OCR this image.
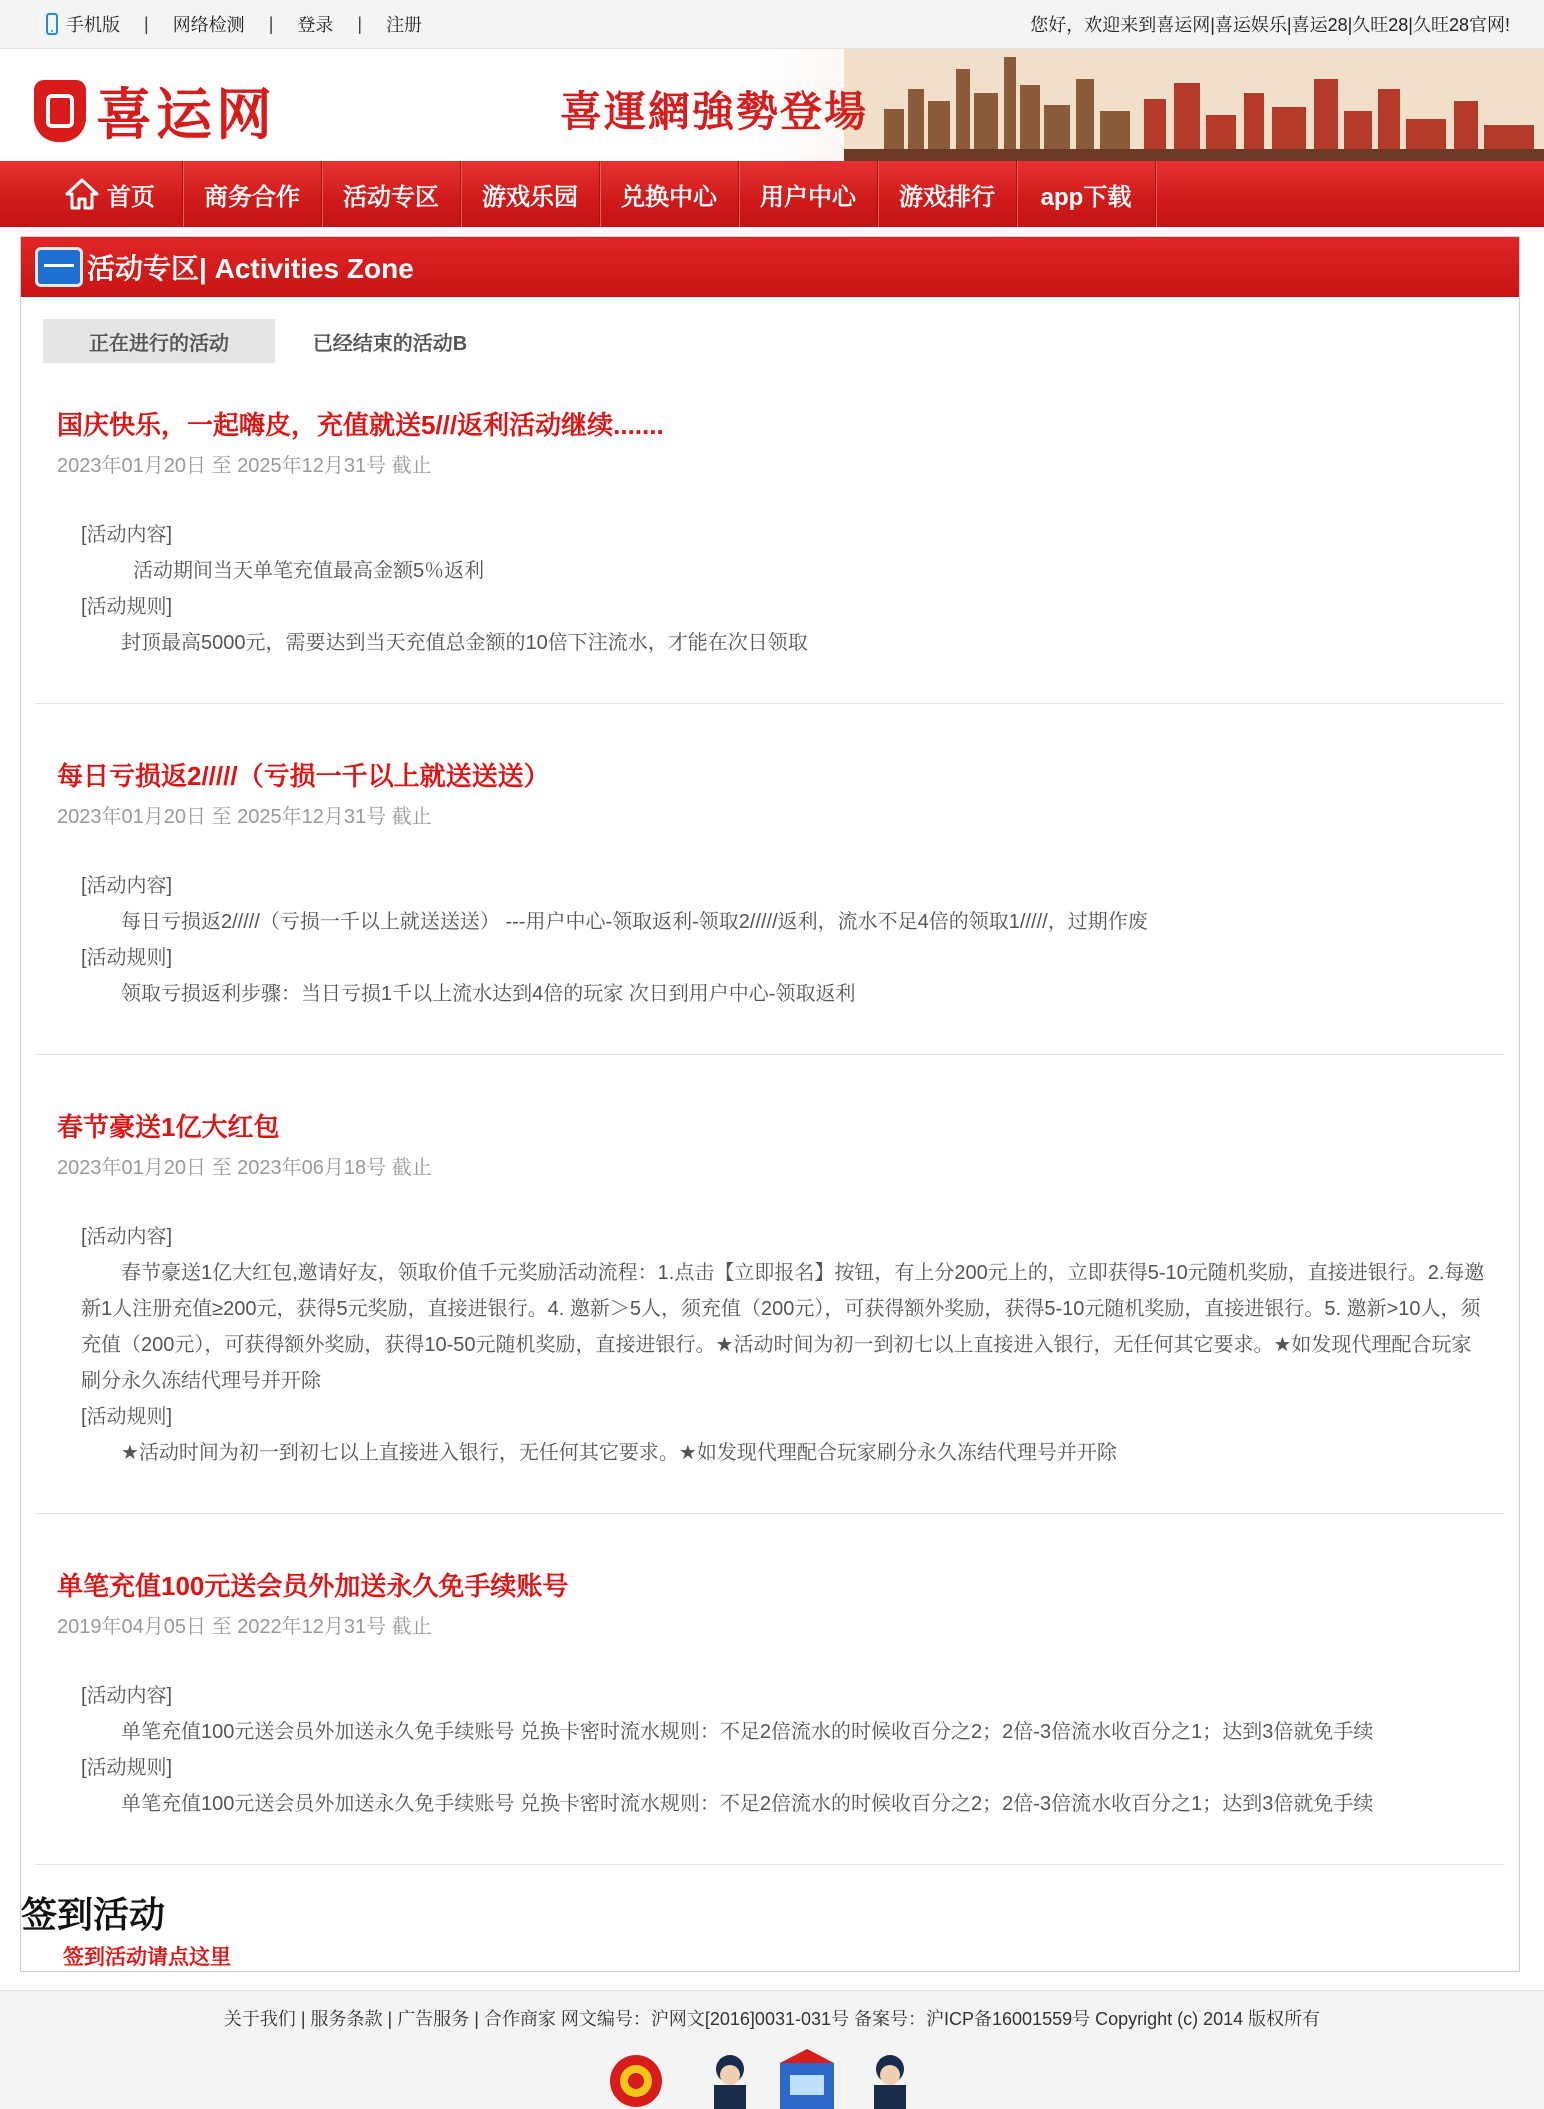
手机版 | 网络检测 | 登录 | 注册	您好，欢迎来到喜运网|喜运娱乐|喜运28|久旺28|久旺28官网!
喜运网	喜運網強勢登場
首页	商务合作	活动专区	游戏乐园	兑换中心	用户中心	游戏排行	app下载
活动专区| Activities Zone
正在进行的活动	已经结束的活动B
国庆快乐，一起嗨皮，充值就送5///返利活动继续.......
2023年01月20日 至 2025年12月31号 截止
[活动内容]
活动期间当天单笔充值最高金额5％返利
[活动规则]
封顶最高5000元，需要达到当天充值总金额的10倍下注流水，才能在次日领取
每日亏损返2/////（亏损一千以上就送送送）
2023年01月20日 至 2025年12月31号 截止
[活动内容]
每日亏损返2/////（亏损一千以上就送送送） ---用户中心-领取返利-领取2/////返利，流水不足4倍的领取1/////，过期作废
[活动规则]
领取亏损返利步骤：当日亏损1千以上流水达到4倍的玩家 次日到用户中心-领取返利
春节豪送1亿大红包
2023年01月20日 至 2023年06月18号 截止
[活动内容]
春节豪送1亿大红包,邀请好友，领取价值千元奖励活动流程：1.点击【立即报名】按钮，有上分200元上的，立即获得5-10元随机奖励，直接进银行。2.每邀新1人注册充值≥200元，获得5元奖励，直接进银行。4. 邀新＞5人，须充值（200元），可获得额外奖励，获得5-10元随机奖励，直接进银行。5. 邀新>10人，须充值（200元），可获得额外奖励，获得10-50元随机奖励，直接进银行。★活动时间为初一到初七以上直接进入银行，无任何其它要求。★如发现代理配合玩家刷分永久冻结代理号并开除
[活动规则]
★活动时间为初一到初七以上直接进入银行，无任何其它要求。★如发现代理配合玩家刷分永久冻结代理号并开除
单笔充值100元送会员外加送永久免手续账号
2019年04月05日 至 2022年12月31号 截止
[活动内容]
单笔充值100元送会员外加送永久免手续账号 兑换卡密时流水规则：不足2倍流水的时候收百分之2；2倍-3倍流水收百分之1；达到3倍就免手续
[活动规则]
单笔充值100元送会员外加送永久免手续账号 兑换卡密时流水规则：不足2倍流水的时候收百分之2；2倍-3倍流水收百分之1；达到3倍就免手续
签到活动
签到活动请点这里
关于我们 | 服务条款 | 广告服务 | 合作商家 网文编号：沪网文[2016]0031-031号 备案号：沪ICP备16001559号 Copyright (c) 2014 版权所有
